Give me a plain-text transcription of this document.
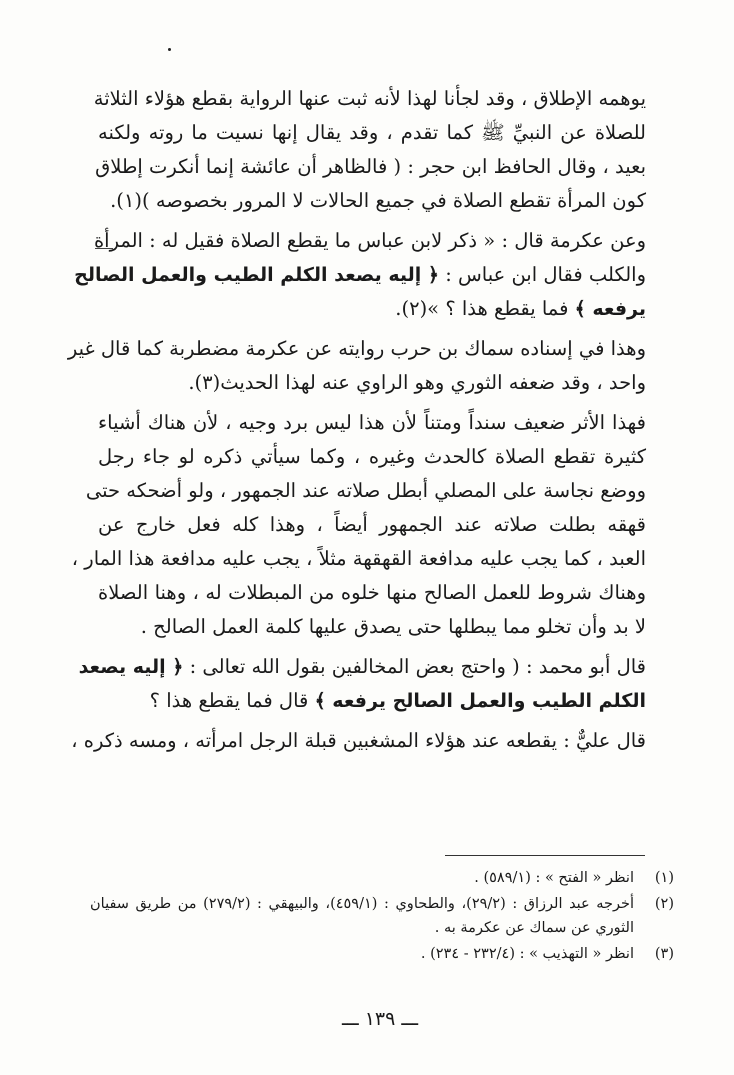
يوهمه الإطلاق ، وقد لجأنا لهذا لأنه ثبت عنها الرواية بقطع هؤلاء الثلاثة
للصلاة عن النبيِّ ﷺ كما تقدم ، وقد يقال إنها نسيت ما روته ولكنه
بعيد ، وقال الحافظ ابن حجر : ( فالظاهر أن عائشة إنما أنكرت إطلاق
كون المرأة تقطع الصلاة في جميع الحالات لا المرور بخصوصه )(١).

وعن عكرمة قال : « ذكر لابن عباس ما يقطع الصلاة فقيل له : المرأة
والكلب فقال ابن عباس : ﴿ إليه يصعد الكلم الطيب والعمل الصالح
يرفعه ﴾ فما يقطع هذا ؟ »(٢).

وهذا في إسناده سماك بن حرب روايته عن عكرمة مضطربة كما قال غير
واحد ، وقد ضعفه الثوري وهو الراوي عنه لهذا الحديث(٣).

فهذا الأثر ضعيف سنداً ومتناً لأن هذا ليس برد وجيه ، لأن هناك أشياء
كثيرة تقطع الصلاة كالحدث وغيره ، وكما سيأتي ذكره لو جاء رجل
ووضع نجاسة على المصلي أبطل صلاته عند الجمهور ، ولو أضحكه حتى
قهقه بطلت صلاته عند الجمهور أيضاً ، وهذا كله فعل خارج عن
العبد ، كما يجب عليه مدافعة القهقهة مثلاً ، يجب عليه مدافعة هذا المار ،
وهناك شروط للعمل الصالح منها خلوه من المبطلات له ، وهنا الصلاة
لا بد وأن تخلو مما يبطلها حتى يصدق عليها كلمة العمل الصالح .

قال أبو محمد : ( واحتج بعض المخالفين بقول الله تعالى : ﴿ إليه يصعد
الكلم الطيب والعمل الصالح يرفعه ﴾ قال فما يقطع هذا ؟

قال عليٌّ : يقطعه عند هؤلاء المشغبين قبلة الرجل امرأته ، ومسه ذكره ،

(١)
انظر « الفتح » : (٥٨٩/١) .
(٢)
أخرجه عبد الرزاق : (٢٩/٢)، والطحاوي : (٤٥٩/١)، والبيهقي : (٢٧٩/٢) من طريق سفيان الثوري عن سماك عن عكرمة به .
(٣)
انظر « التهذيب » : (٢٣٢/٤ - ٢٣٤) .
ـــ ١٣٩ ـــ
